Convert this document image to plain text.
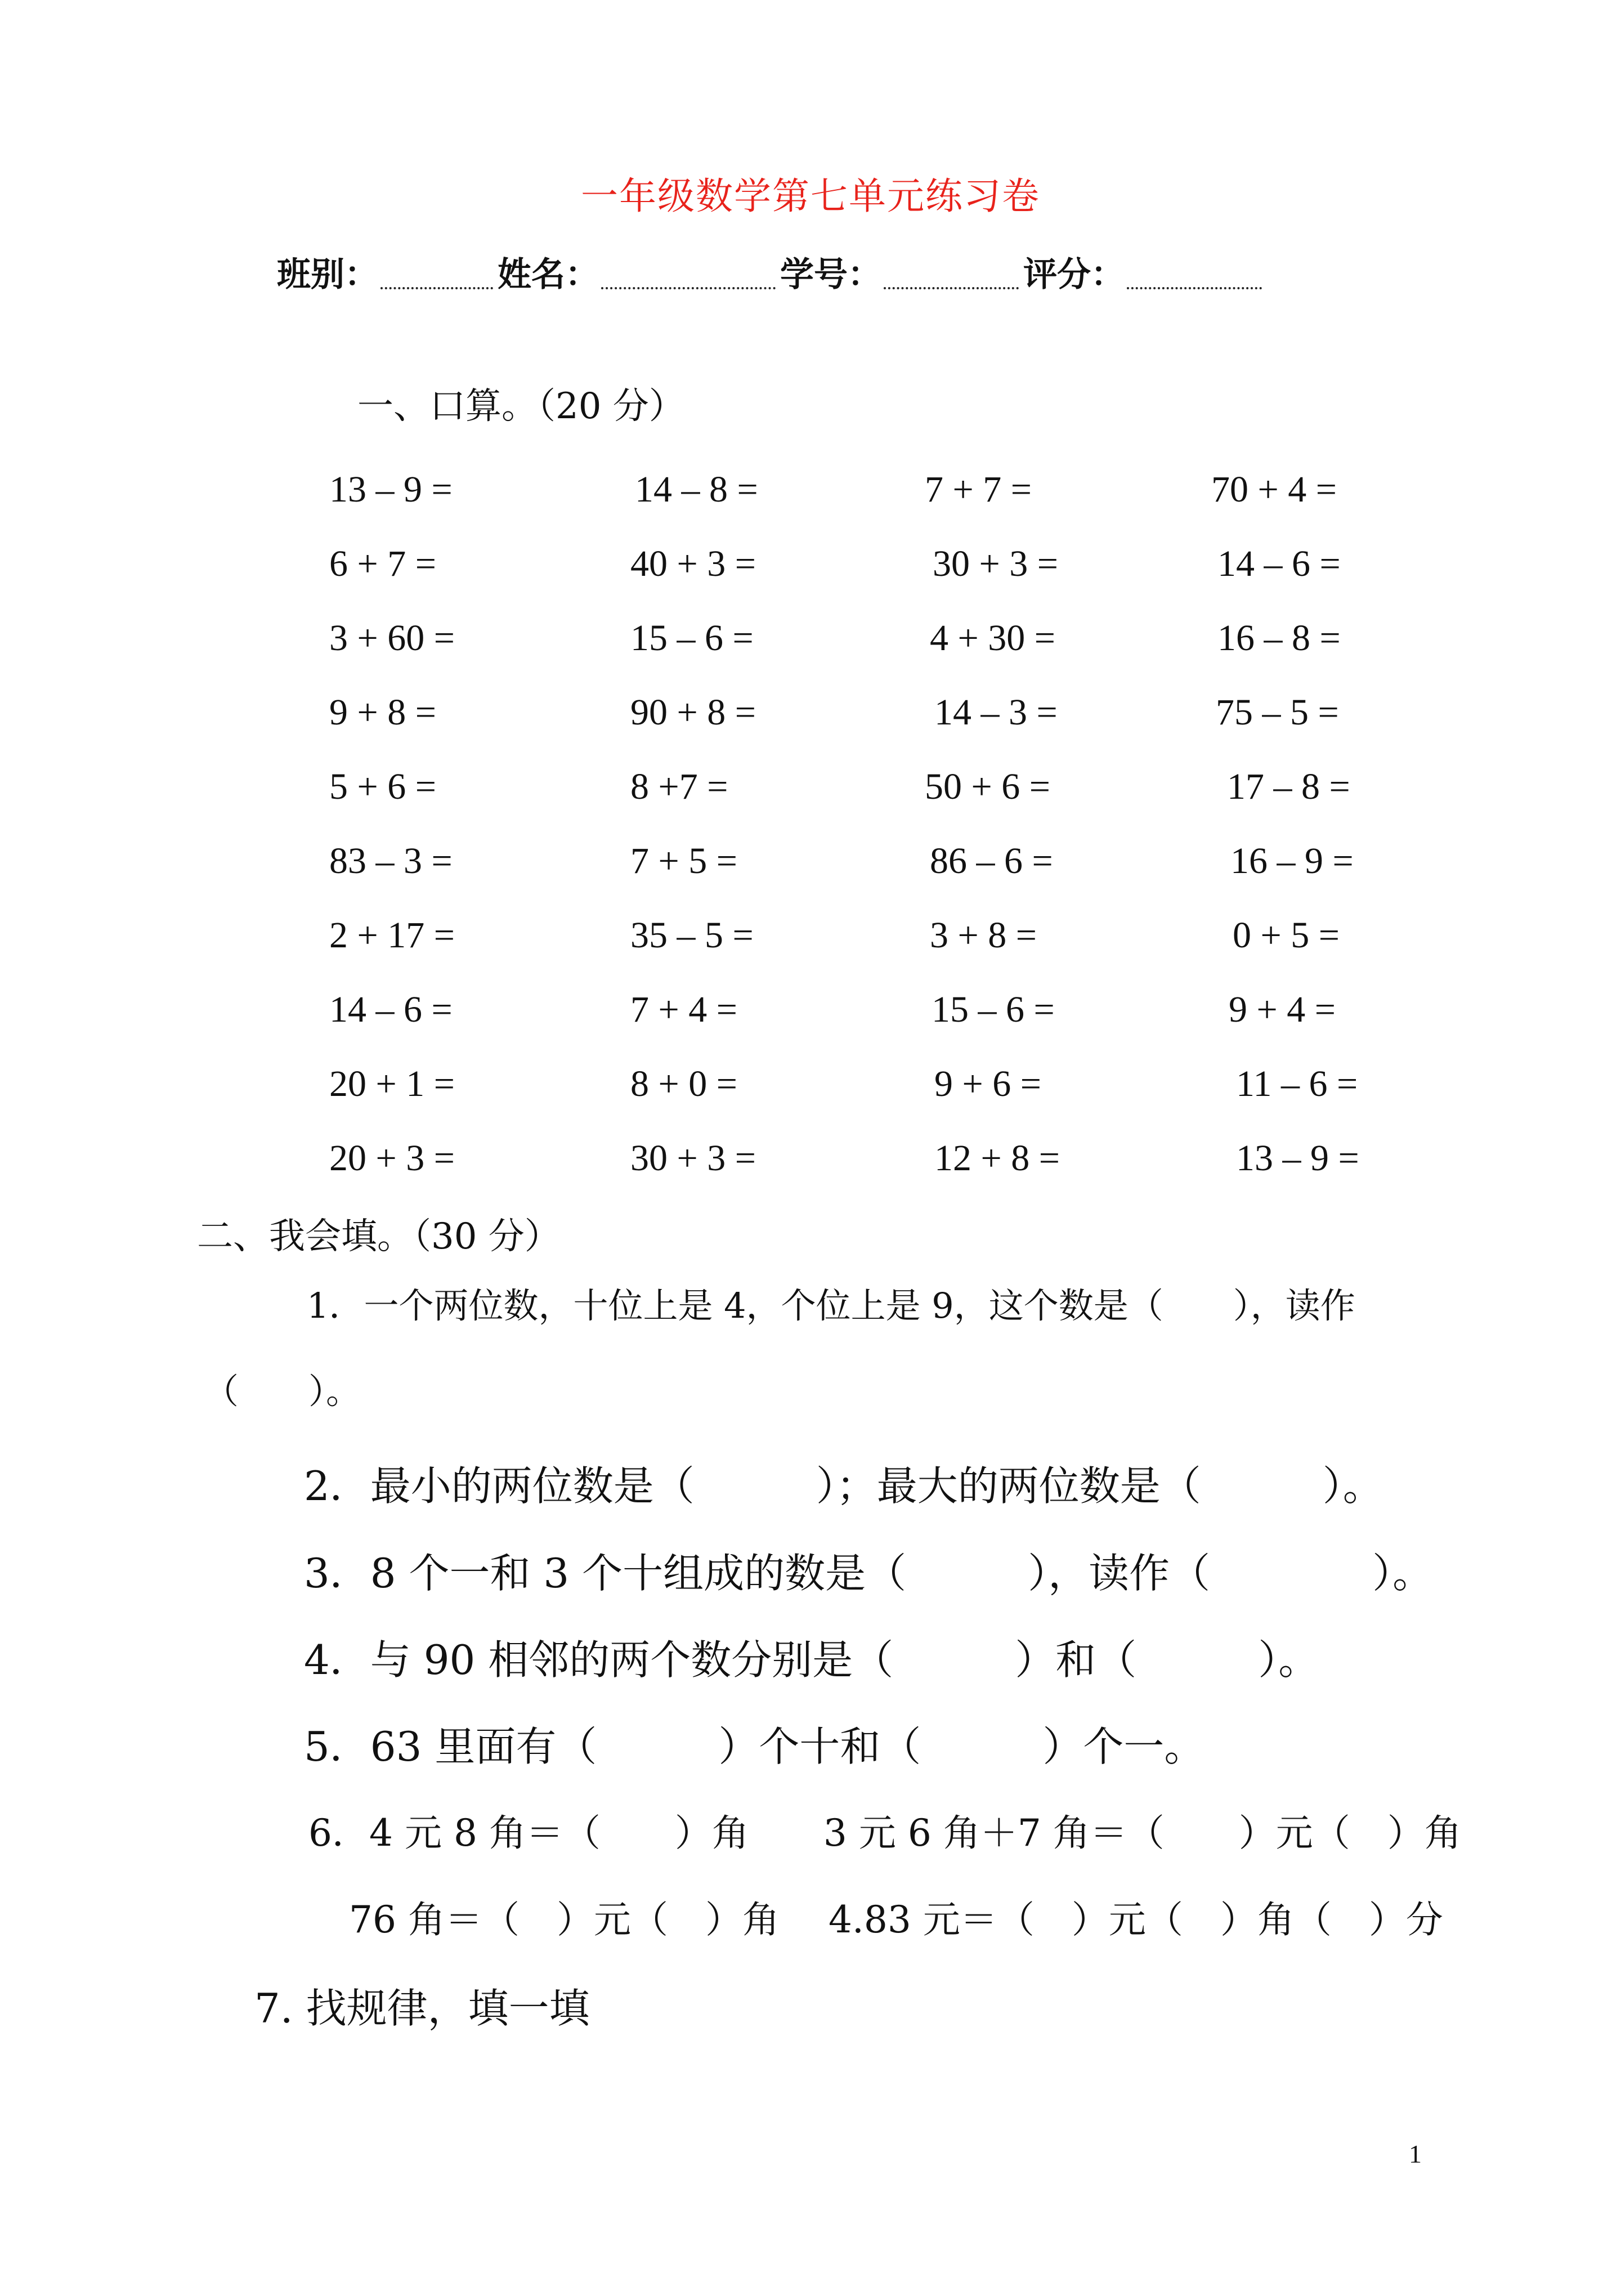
一年级数学第七单元练习卷
班别：	姓名：	学号：	评分：
一、口算。（20 分）
13 – 9 =	14 – 8 =	7 + 7 =	70 + 4 =
6 + 7 =	40 + 3 =	30 + 3 =	14 – 6 =
3 + 60 =	15 – 6 =	4 + 30 =	16 – 8 =
9 + 8 =	90 + 8 =	14 – 3 =	75 – 5 =
5 + 6 =	8 +7 =	50 + 6 =	17 – 8 =
83 – 3 =	7 + 5 =	86 – 6 =	16 – 9 =
2 + 17 =	35 – 5 =	3 + 8 =	0 + 5 =
14 – 6 =	7 + 4 =	15 – 6 =	9 + 4 =
20 + 1 =	8 + 0 =	9 + 6 =	11 – 6 =
20 + 3 =	30 + 3 =	12 + 8 =	13 – 9 =
二、我会填。（30 分）
1．一个两位数，十位上是 4，个位上是 9，这个数是（　　），读作
（　　）。
2．最小的两位数是（　　　）；最大的两位数是（　　　）。
3．8 个一和 3 个十组成的数是（　　　），读作（　　　　）。
4．与 90 相邻的两个数分别是（　　　）和（　　　）。
5．63 里面有（　　　）个十和（　　　）个一。
6．4 元 8 角＝（　　）角　　3 元 6 角＋7 角＝（　　）元（　）角
76 角＝（　）元（　）角　 4.83 元＝（　）元（　）角（　）分
7. 找规律，填一填
1
